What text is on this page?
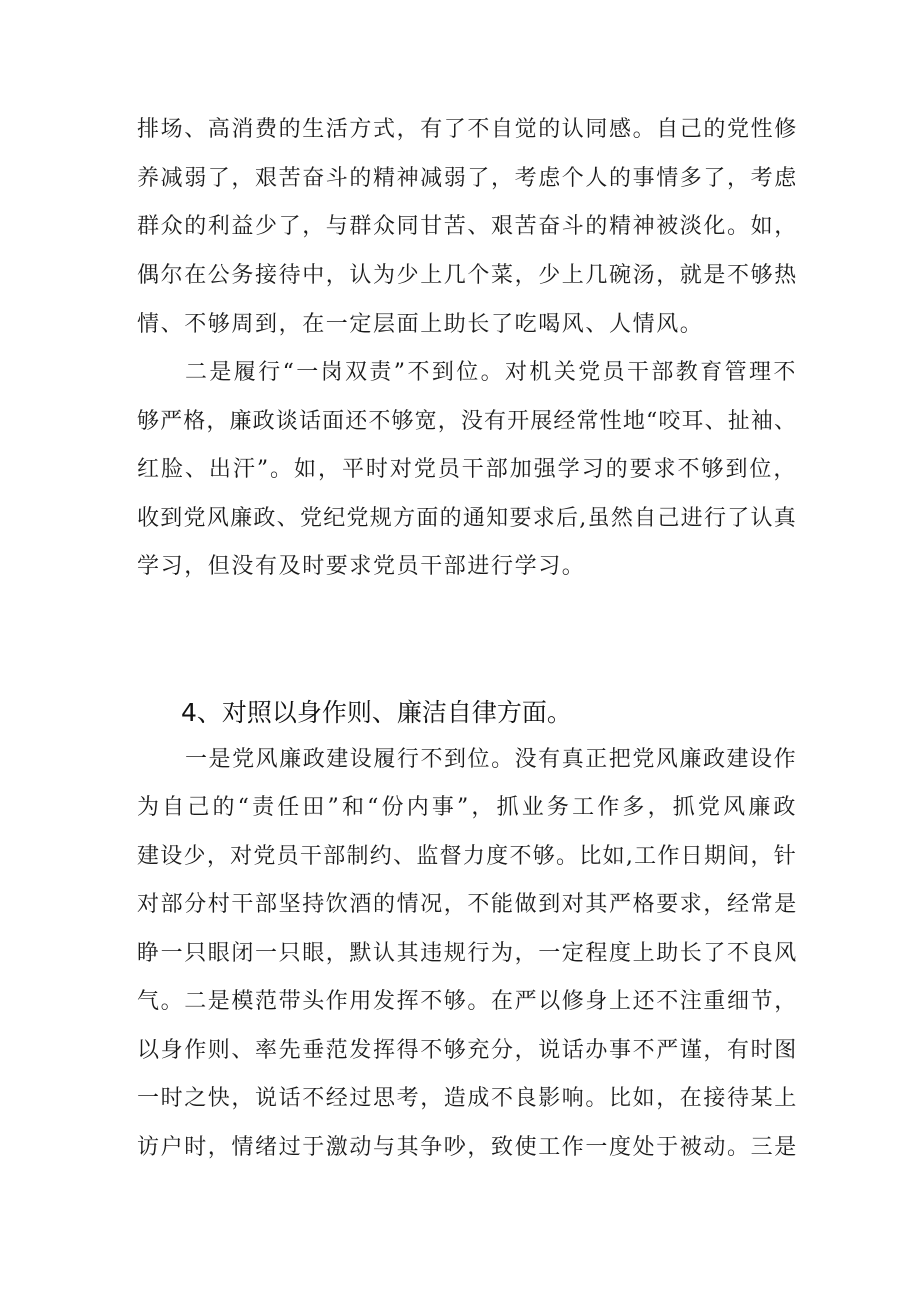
排场、高消费的生活方式，有了不自觉的认同感。自己的党性修
养减弱了，艰苦奋斗的精神减弱了，考虑个人的事情多了，考虑
群众的利益少了，与群众同甘苦、艰苦奋斗的精神被淡化。如，
偶尔在公务接待中，认为少上几个菜，少上几碗汤，就是不够热
情、不够周到，在一定层面上助长了吃喝风、人情风。
二是履行“一岗双责”不到位。对机关党员干部教育管理不
够严格，廉政谈话面还不够宽，没有开展经常性地“咬耳、扯袖、
红脸、出汗”。如，平时对党员干部加强学习的要求不够到位，
收到党风廉政、党纪党规方面的通知要求后,虽然自己进行了认真
学习，但没有及时要求党员干部进行学习。
4、对照以身作则、廉洁自律方面。
一是党风廉政建设履行不到位。没有真正把党风廉政建设作
为自己的“责任田”和“份内事”，抓业务工作多，抓党风廉政
建设少，对党员干部制约、监督力度不够。比如,工作日期间，针
对部分村干部坚持饮酒的情况，不能做到对其严格要求，经常是
睁一只眼闭一只眼，默认其违规行为，一定程度上助长了不良风
气。二是模范带头作用发挥不够。在严以修身上还不注重细节，
以身作则、率先垂范发挥得不够充分，说话办事不严谨，有时图
一时之快，说话不经过思考，造成不良影响。比如，在接待某上
访户时，情绪过于激动与其争吵，致使工作一度处于被动。三是
